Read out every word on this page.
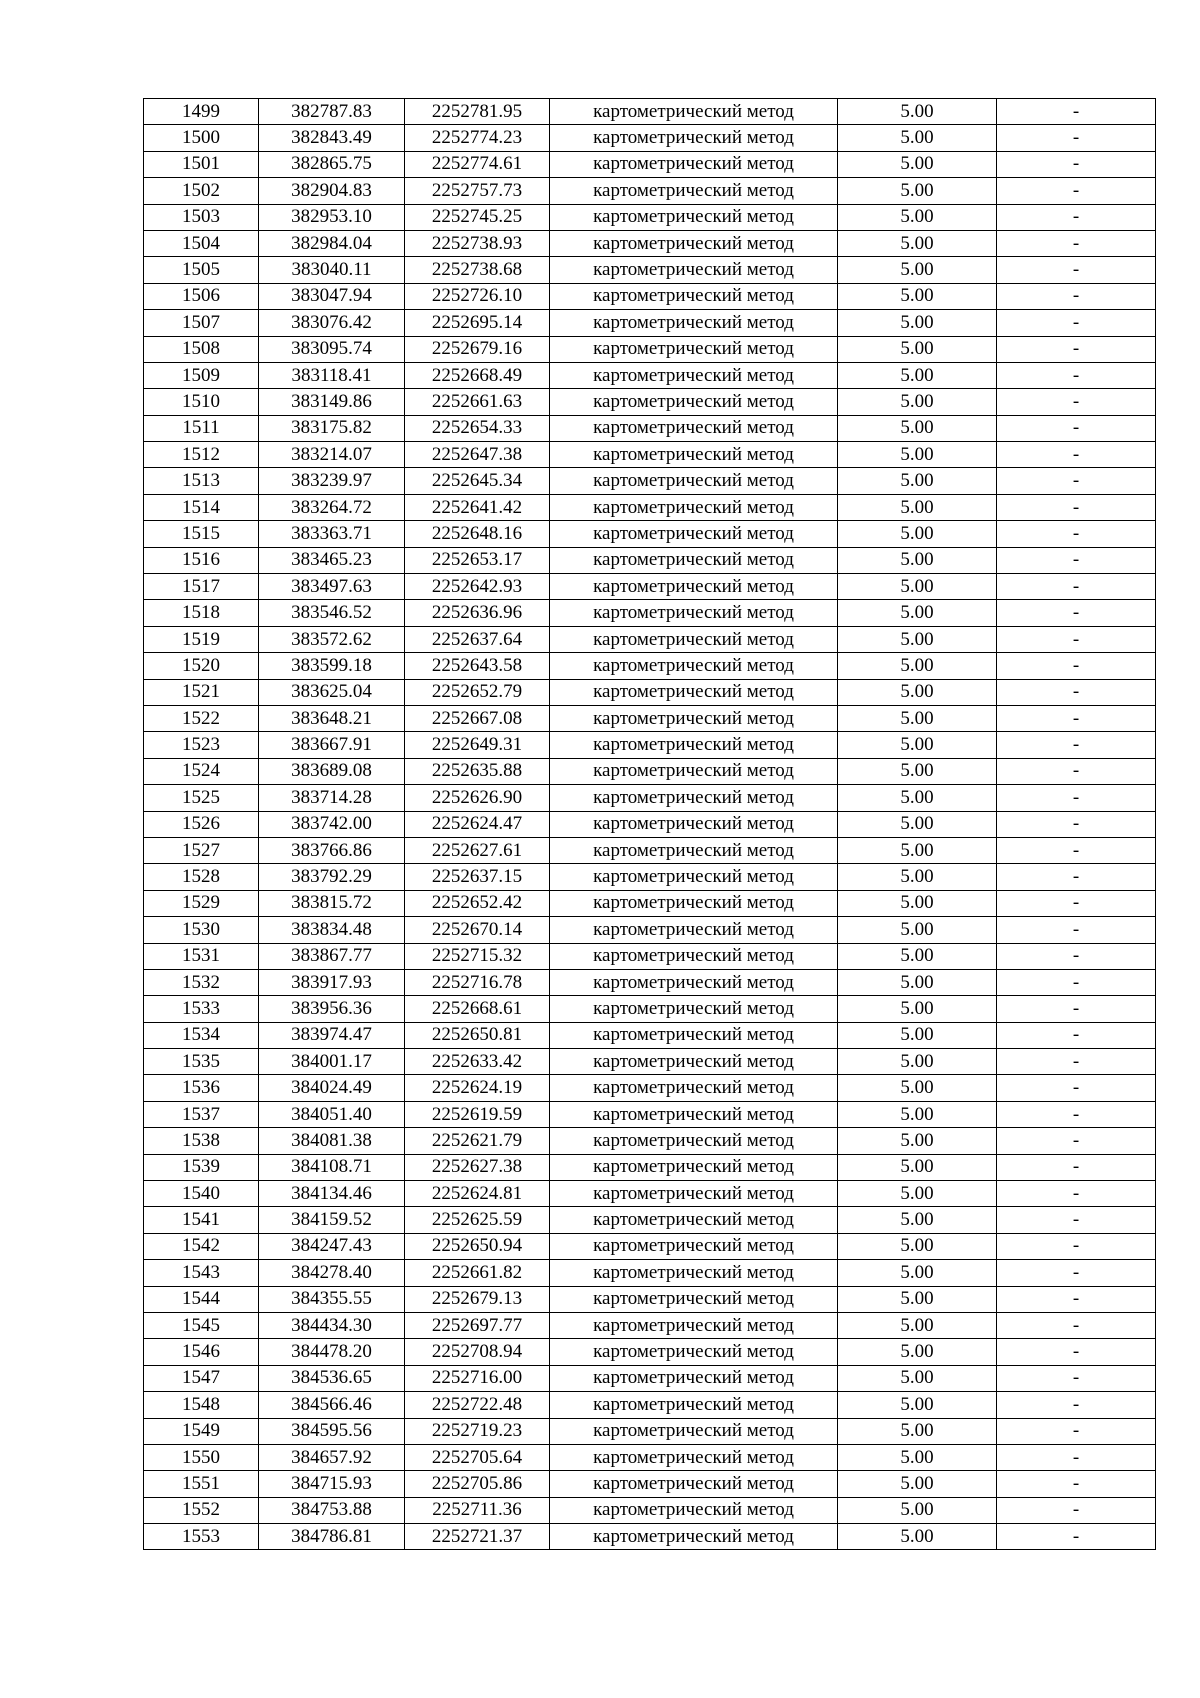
1499	382787.83	2252781.95	картометрический метод	5.00	-
1500	382843.49	2252774.23	картометрический метод	5.00	-
1501	382865.75	2252774.61	картометрический метод	5.00	-
1502	382904.83	2252757.73	картометрический метод	5.00	-
1503	382953.10	2252745.25	картометрический метод	5.00	-
1504	382984.04	2252738.93	картометрический метод	5.00	-
1505	383040.11	2252738.68	картометрический метод	5.00	-
1506	383047.94	2252726.10	картометрический метод	5.00	-
1507	383076.42	2252695.14	картометрический метод	5.00	-
1508	383095.74	2252679.16	картометрический метод	5.00	-
1509	383118.41	2252668.49	картометрический метод	5.00	-
1510	383149.86	2252661.63	картометрический метод	5.00	-
1511	383175.82	2252654.33	картометрический метод	5.00	-
1512	383214.07	2252647.38	картометрический метод	5.00	-
1513	383239.97	2252645.34	картометрический метод	5.00	-
1514	383264.72	2252641.42	картометрический метод	5.00	-
1515	383363.71	2252648.16	картометрический метод	5.00	-
1516	383465.23	2252653.17	картометрический метод	5.00	-
1517	383497.63	2252642.93	картометрический метод	5.00	-
1518	383546.52	2252636.96	картометрический метод	5.00	-
1519	383572.62	2252637.64	картометрический метод	5.00	-
1520	383599.18	2252643.58	картометрический метод	5.00	-
1521	383625.04	2252652.79	картометрический метод	5.00	-
1522	383648.21	2252667.08	картометрический метод	5.00	-
1523	383667.91	2252649.31	картометрический метод	5.00	-
1524	383689.08	2252635.88	картометрический метод	5.00	-
1525	383714.28	2252626.90	картометрический метод	5.00	-
1526	383742.00	2252624.47	картометрический метод	5.00	-
1527	383766.86	2252627.61	картометрический метод	5.00	-
1528	383792.29	2252637.15	картометрический метод	5.00	-
1529	383815.72	2252652.42	картометрический метод	5.00	-
1530	383834.48	2252670.14	картометрический метод	5.00	-
1531	383867.77	2252715.32	картометрический метод	5.00	-
1532	383917.93	2252716.78	картометрический метод	5.00	-
1533	383956.36	2252668.61	картометрический метод	5.00	-
1534	383974.47	2252650.81	картометрический метод	5.00	-
1535	384001.17	2252633.42	картометрический метод	5.00	-
1536	384024.49	2252624.19	картометрический метод	5.00	-
1537	384051.40	2252619.59	картометрический метод	5.00	-
1538	384081.38	2252621.79	картометрический метод	5.00	-
1539	384108.71	2252627.38	картометрический метод	5.00	-
1540	384134.46	2252624.81	картометрический метод	5.00	-
1541	384159.52	2252625.59	картометрический метод	5.00	-
1542	384247.43	2252650.94	картометрический метод	5.00	-
1543	384278.40	2252661.82	картометрический метод	5.00	-
1544	384355.55	2252679.13	картометрический метод	5.00	-
1545	384434.30	2252697.77	картометрический метод	5.00	-
1546	384478.20	2252708.94	картометрический метод	5.00	-
1547	384536.65	2252716.00	картометрический метод	5.00	-
1548	384566.46	2252722.48	картометрический метод	5.00	-
1549	384595.56	2252719.23	картометрический метод	5.00	-
1550	384657.92	2252705.64	картометрический метод	5.00	-
1551	384715.93	2252705.86	картометрический метод	5.00	-
1552	384753.88	2252711.36	картометрический метод	5.00	-
1553	384786.81	2252721.37	картометрический метод	5.00	-
